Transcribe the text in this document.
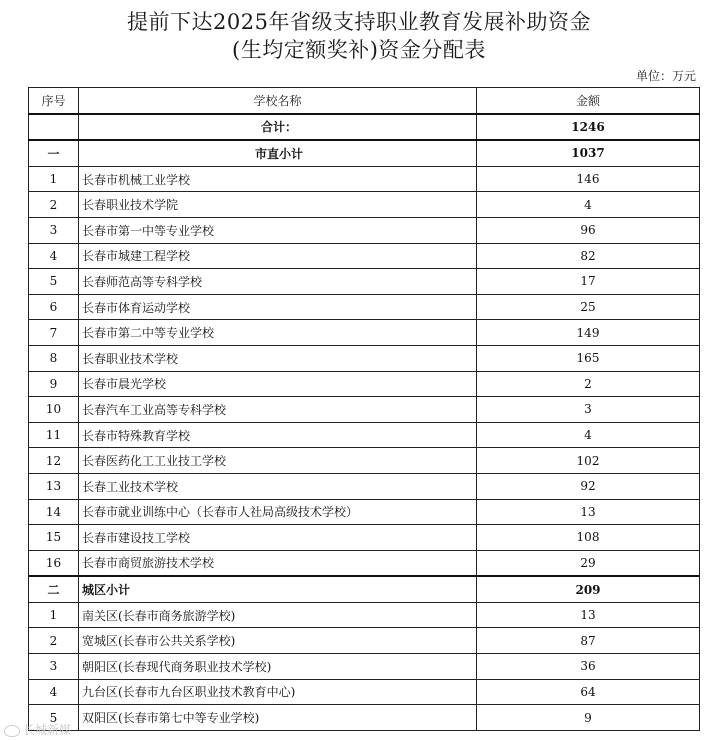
提前下达2025年省级支持职业教育发展补助资金
(生均定额奖补)资金分配表
单位：万元
序号	学校名称	金额
	合计：	1246
一	市直小计	1037
1	长春市机械工业学校	146
2	长春职业技术学院	4
3	长春市第一中等专业学校	96
4	长春市城建工程学校	82
5	长春师范高等专科学校	17
6	长春市体育运动学校	25
7	长春市第二中等专业学校	149
8	长春职业技术学校	165
9	长春市晨光学校	2
10	长春汽车工业高等专科学校	3
11	长春市特殊教育学校	4
12	长春医药化工工业技工学校	102
13	长春工业技术学校	92
14	长春市就业训练中心（长春市人社局高级技术学校）	13
15	长春市建设技工学校	108
16	长春市商贸旅游技术学校	29
二	城区小计	209
1	南关区(长春市商务旅游学校)	13
2	宽城区(长春市公共关系学校)	87
3	朝阳区(长春现代商务职业技术学校)	36
4	九台区(长春市九台区职业技术教育中心)	64
5	双阳区(长春市第七中等专业学校)	9
长城新媒
